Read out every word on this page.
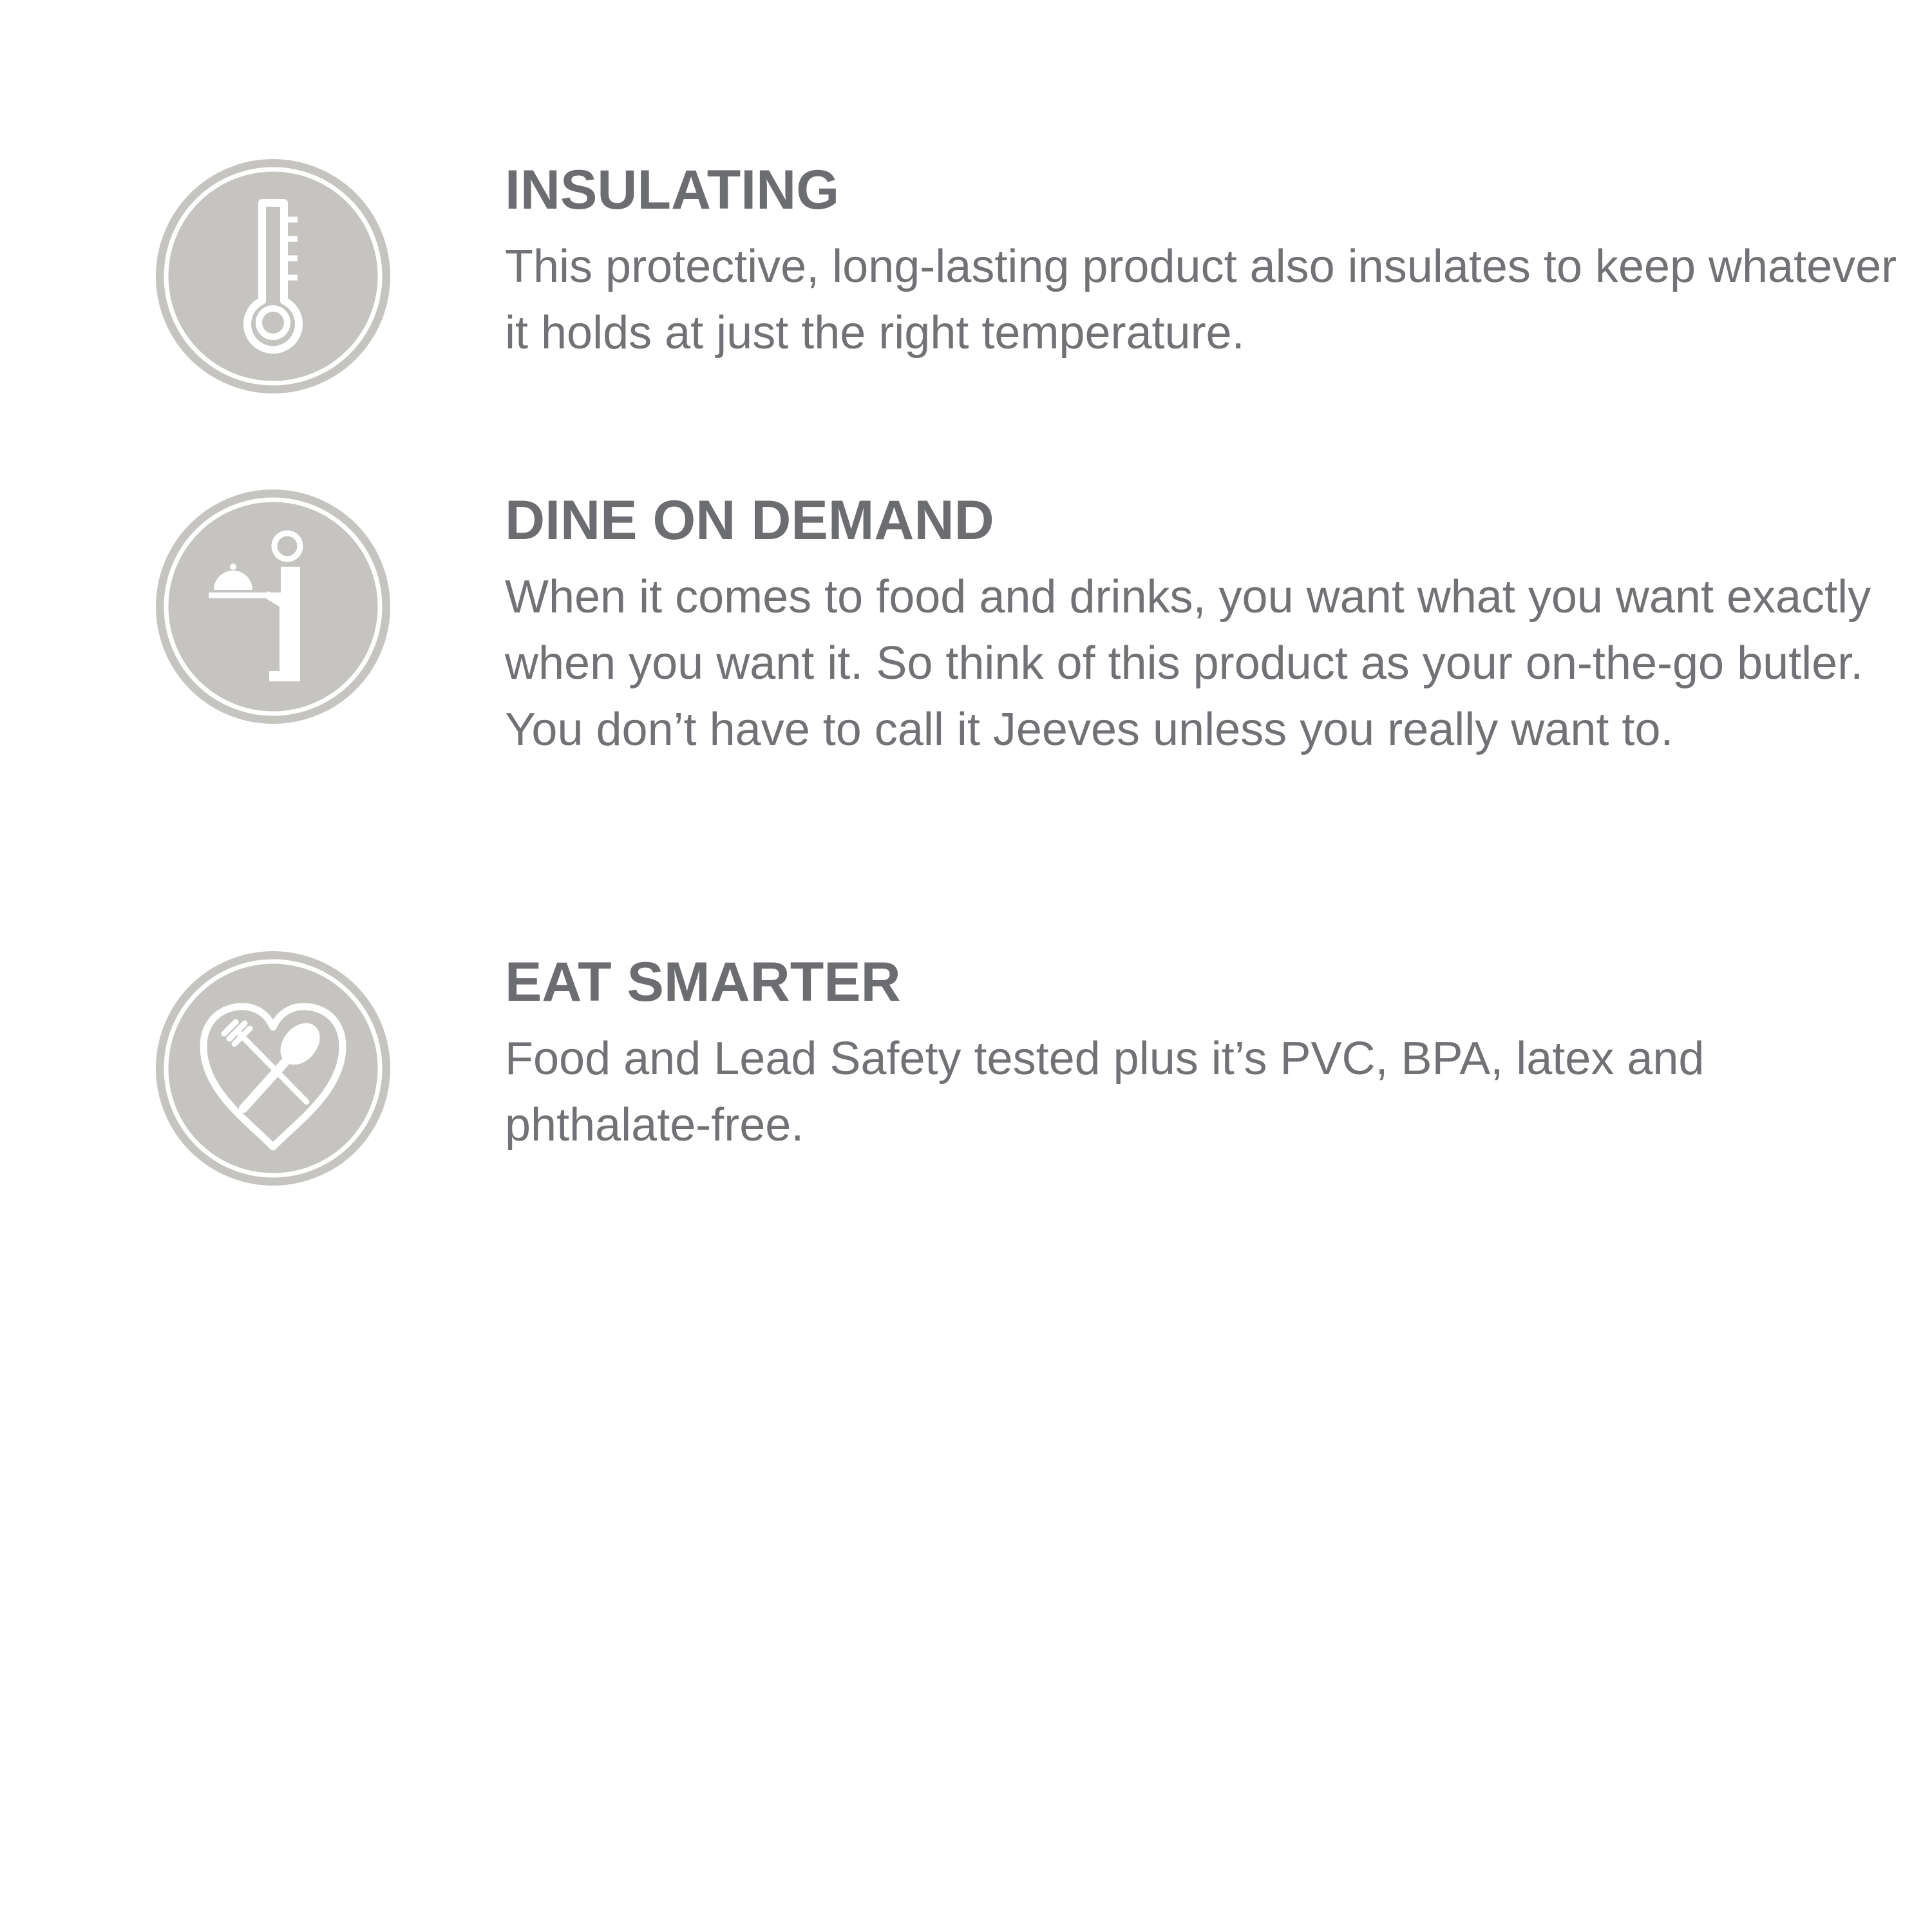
INSULATING

This protective, long-lasting product also insulates to keep whatever it holds at just the right temperature.

DINE ON DEMAND

When it comes to food and drinks, you want what you want exactly when you want it. So think of this product as your on-the-go butler. You don’t have to call it Jeeves unless you really want to.

EAT SMARTER

Food and Lead Safety tested plus it’s PVC, BPA, latex and phthalate-free.
